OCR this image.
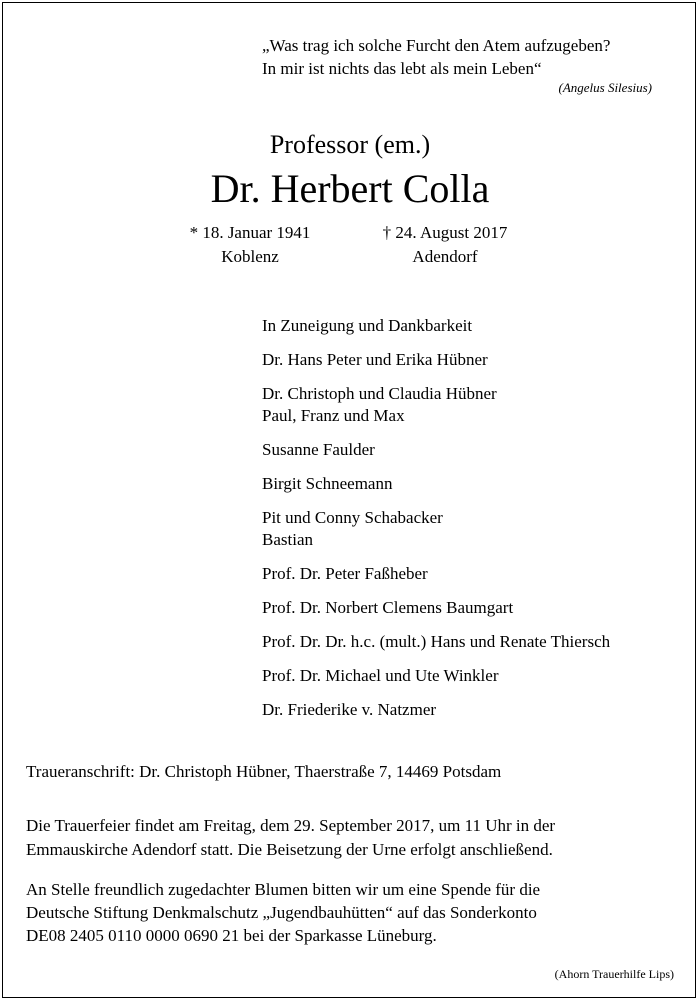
„Was trag ich solche Furcht den Atem aufzugeben?
In mir ist nichts das lebt als mein Leben“
(Angelus Silesius)
Professor (em.)
Dr. Herbert Colla
* 18. Januar 1941
Koblenz
† 24. August 2017
Adendorf
In Zuneigung und Dankbarkeit
Dr. Hans Peter und Erika Hübner
Dr. Christoph und Claudia Hübner
Paul, Franz und Max
Susanne Faulder
Birgit Schneemann
Pit und Conny Schabacker
Bastian
Prof. Dr. Peter Faßheber
Prof. Dr. Norbert Clemens Baumgart
Prof. Dr. Dr. h.c. (mult.) Hans und Renate Thiersch
Prof. Dr. Michael und Ute Winkler
Dr. Friederike v. Natzmer
Traueranschrift: Dr. Christoph Hübner, Thaerstraße 7, 14469 Potsdam
Die Trauerfeier findet am Freitag, dem 29. September 2017, um 11 Uhr in der
Emmauskirche Adendorf statt. Die Beisetzung der Urne erfolgt anschließend.
An Stelle freundlich zugedachter Blumen bitten wir um eine Spende für die
Deutsche Stiftung Denkmalschutz „Jugendbauhütten“ auf das Sonderkonto
DE08 2405 0110 0000 0690 21 bei der Sparkasse Lüneburg.
(Ahorn Trauerhilfe Lips)
